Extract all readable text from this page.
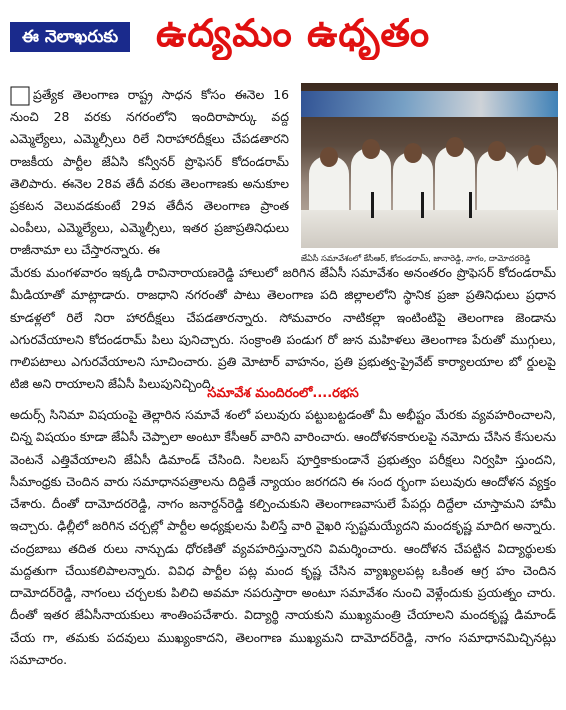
ఈ నెలాఖరుకు ఉద్యమం ఉధృతం
ప్రత్యేక తెలంగాణ రాష్ట్ర సాధన కోసం ఈనెల 16 నుంచి 28 వరకు నగరంలోని ఇందిరాపార్కు వద్ద ఎమ్మెల్యేలు, ఎమ్మెల్సీలు రిలే నిరాహారదీక్షలు చేపడతారని రాజకీయ పార్టీల జేఏసి కన్వీనర్ ప్రొఫెసర్ కోదండరామ్ తెలిపారు. ఈనెల 28వ తేదీ వరకు తెలంగాణకు అనుకూల ప్రకటన వెలువడకుంటే 29వ తేదీన తెలంగాణ ప్రాంత ఎంపీలు, ఎమ్మెల్యేలు, ఎమ్మెల్సీలు, ఇతర ప్రజాప్రతినిధులు రాజీనామా లు చేస్తారన్నారు. ఈ
జేఏసీ సమావేశంలో కేసీఆర్, కోదండరామ్, జానారెడ్డి, నాగం, దామోదరరెడ్డి
మేరకు మంగళవారం ఇక్కడి రావినారాయణరెడ్డి హాలులో జరిగిన జేఏసీ సమావేశం అనంతరం ప్రొఫెసర్ కోదండరామ్ మీడియాతో మాట్లాడారు. రాజధాని నగరంతో పాటు తెలంగాణ పది జిల్లాలలోని స్థానిక ప్రజా ప్రతినిధులు ప్రధాన కూడళ్లలో రిలే నిరా హారదీక్షలు చేపడతారన్నారు. సోమవారం నాటికల్లా ఇంటింటిపై తెలంగాణ జెండాను ఎగురవేయాలని కోదండరామ్ పిలు పునిచ్చారు. సంక్రాంతి పండుగ రో జున మహిళలు తెలంగాణ పేరుతో ముగ్గులు, గాలిపటాలు ఎగురవేయాలని సూచించారు. ప్రతి మోటార్ వాహనం, ప్రతి ప్రభుత్వ-ప్రైవేట్ కార్యాలయాల బో ర్డులపై టిజి అని రాయాలని జేఏసీ పిలుపునిచ్చింది.
సమావేశ మందిరంలో....రభస
అదుర్స్ సినిమా విషయంపై తెల్లారిన సమావే శంలో పలువురు పట్టుబట్టడంతో మీ అభీష్టం మేరకు వ్యవహరించాలని, చిన్న విషయం కూడా జేఏసీ చెప్పాలా అంటూ కేసీఆర్ వారిని వారించారు. ఆందోళనకారులపై నమోదు చేసిన కేసులను వెంటనే ఎత్తివేయాలని జేఏసీ డిమాండ్ చేసింది. సిలబస్ పూర్తికాకుండానే ప్రభుత్వం పరీక్షలు నిర్వహి స్తుందని, సీమాంధ్రకు చెందిన వారు సమాధానపత్రాలను దిద్దితే న్యాయం జరగదని ఈ సంద ర్భంగా పలువురు ఆందోళన వ్యక్తం చేశారు. దీంతో దామోదరరెడ్డి, నాగం జనార్దన్‌రెడ్డి కల్పించుకుని తెలంగాణవాసులే పేపర్లు దిద్దేలా చూస్తామని హామీ ఇచ్చారు. ఢిల్లీలో జరిగిన చర్చల్లో పార్టీల అధ్యక్షులను పిలిస్తే వారి వైఖరి స్పష్టమయ్యేదని మందకృష్ణ మాదిగ అన్నారు. చంద్రబాబు తదిత రులు నాన్చుడు ధోరణితో వ్యవహరిస్తున్నారని విమర్శించారు. ఆందోళన చేపట్టిన విద్యార్థులకు మద్దతుగా చేయికలిపాలన్నారు. వివిధ పార్టీల పట్ల మంద కృష్ణ చేసిన వ్యాఖ్యలపట్ల ఒకింత ఆగ్ర హం చెందిన దామోదర్‌రెడ్డి, నాగంలు చర్చలకు పిలిచి అవమా నపరుస్తారా అంటూ సమావేశం నుంచి వెళ్లేందుకు ప్రయత్నం చారు. దీంతో ఇతర జేఏసీనాయకులు శాంతింపచేశారు. విద్యార్థి నాయకుని ముఖ్యమంత్రి చేయాలని మందకృష్ణ డిమాండ్ చేయ గా, తమకు పదవులు ముఖ్యంకాదని, తెలంగాణ ముఖ్యమని దామోదర్‌రెడ్డి, నాగం సమాధానమిచ్చినట్లు సమాచారం.
